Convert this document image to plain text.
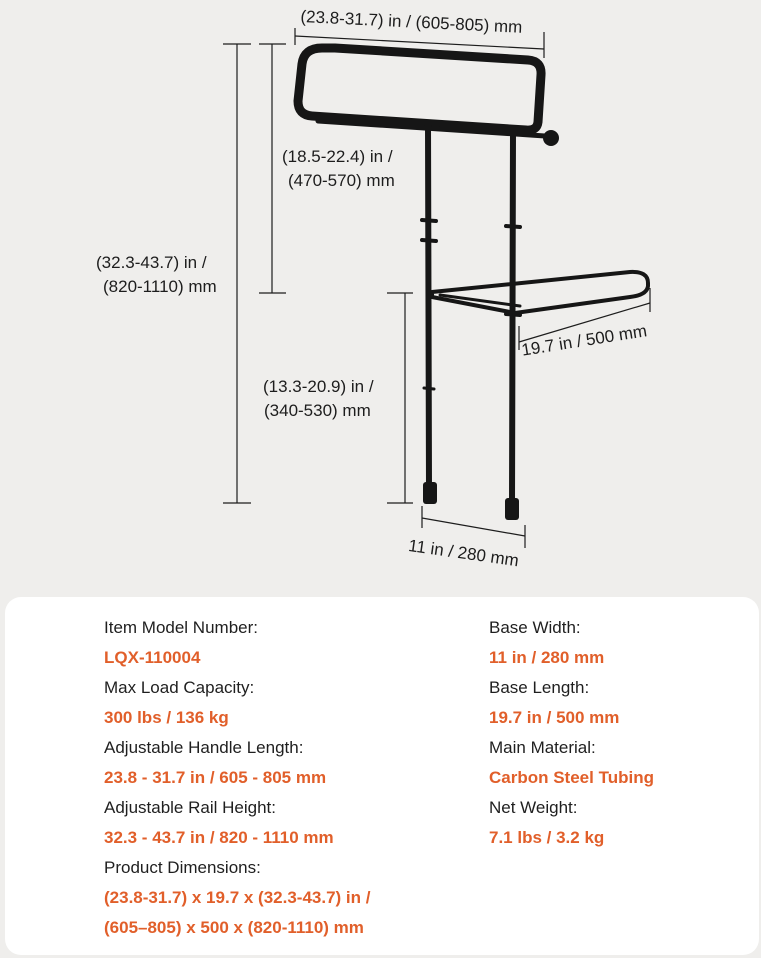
(23.8-31.7) in / (605-805) mm
(18.5-22.4) in /
(470-570) mm
(32.3-43.7) in /
(820-1110) mm
(13.3-20.9) in /
(340-530) mm
19.7 in / 500 mm
11 in / 280 mm
Item Model Number:
LQX-110004
Max Load Capacity:
300 lbs / 136 kg
Adjustable Handle Length:
23.8 - 31.7 in / 605 - 805 mm
Adjustable Rail Height:
32.3 - 43.7 in / 820 - 1110 mm
Product Dimensions:
(23.8-31.7) x 19.7 x (32.3-43.7) in /
(605–805) x 500 x (820-1110) mm
Base Width:
11 in / 280 mm
Base Length:
19.7 in / 500 mm
Main Material:
Carbon Steel Tubing
Net Weight:
7.1 lbs / 3.2 kg
